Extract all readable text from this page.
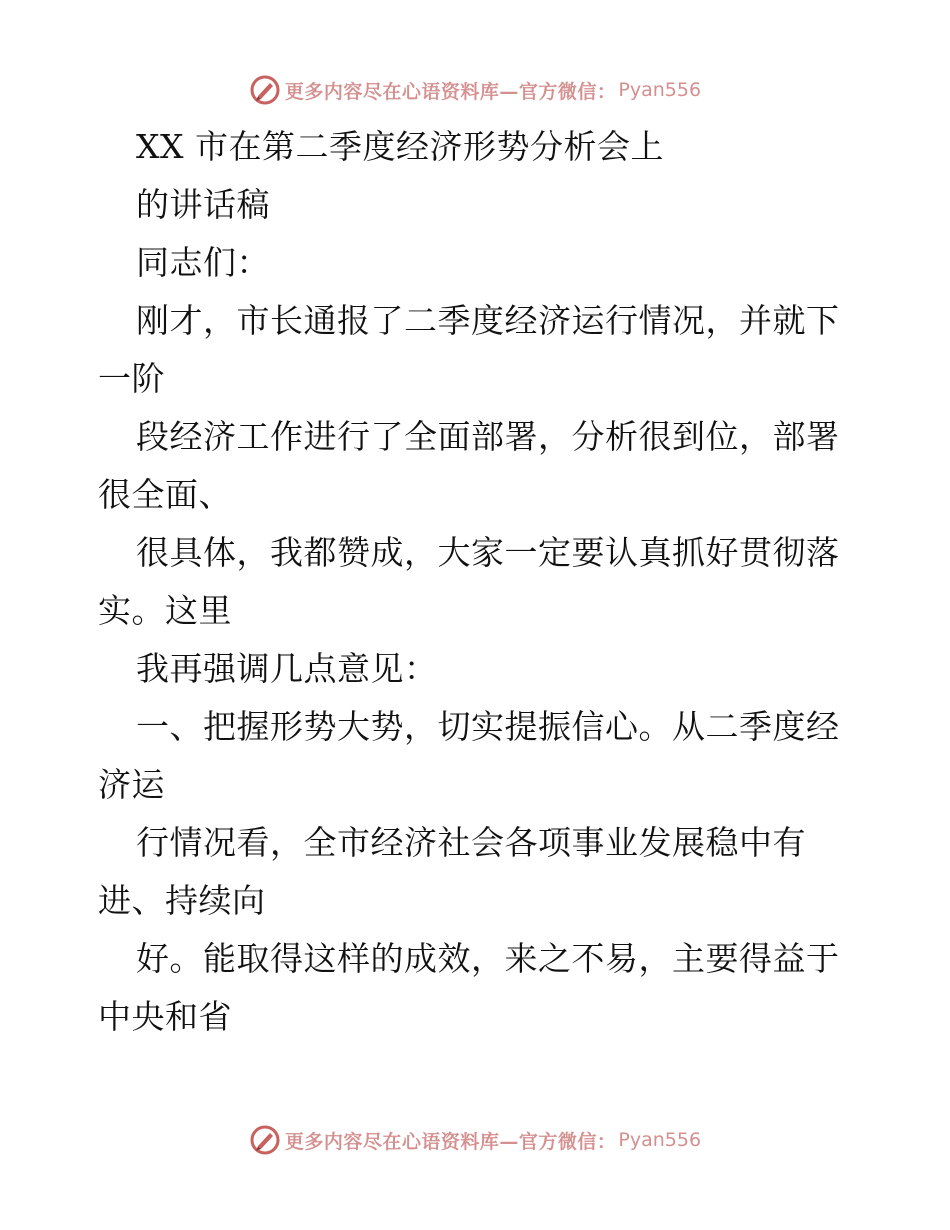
更多内容尽在心语资料库—官方微信： Pyan556
XX 市在第二季度经济形势分析会上
的讲话稿
同志们：
刚才，市长通报了二季度经济运行情况，并就下
一阶
段经济工作进行了全面部署，分析很到位，部署
很全面、
很具体，我都赞成，大家一定要认真抓好贯彻落
实。这里
我再强调几点意见：
一、把握形势大势，切实提振信心。从二季度经
济运
行情况看，全市经济社会各项事业发展稳中有
进、持续向
好。能取得这样的成效，来之不易，主要得益于
中央和省
更多内容尽在心语资料库—官方微信： Pyan556
